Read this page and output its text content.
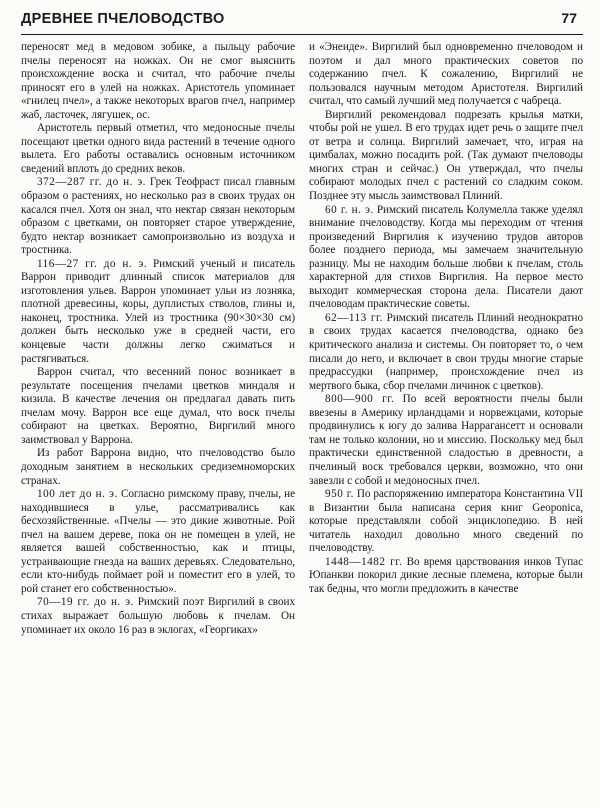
ДРЕВНЕЕ ПЧЕЛОВОДСТВО	77

переносят мед в медовом зобике, а пыльцу рабочие пчелы переносят на ножках. Он не смог выяснить происхождение воска и считал, что рабочие пчелы приносят его в улей на ножках. Аристотель упоминает «гнилец пчел», а также некоторых врагов пчел, например жаб, ласточек, лягушек, ос.

Аристотель первый отметил, что медоносные пчелы посещают цветки одного вида растений в течение одного вылета. Его работы оставались основным источником сведений вплоть до средних веков.

372—287 гг. до н. э. Грек Теофраст писал главным образом о растениях, но несколько раз в своих трудах он касался пчел. Хотя он знал, что нектар связан некоторым образом с цветками, он повторяет старое утверждение, будто нектар возникает самопроизвольно из воздуха и тростника.

116—27 гг. до н. э. Римский ученый и писатель Варрон приводит длинный список материалов для изготовления ульев. Варрон упоминает ульи из лозняка, плотной древесины, коры, дуплистых стволов, глины и, наконец, тростника. Улей из тростника (90×30×30 см) должен быть несколько уже в средней части, его концевые части должны легко сжиматься и растягиваться.

Варрон считал, что весенний понос возникает в результате посещения пчелами цветков миндаля и кизила. В качестве лечения он предлагал давать пить пчелам мочу. Варрон все еще думал, что воск пчелы собирают на цветках. Вероятно, Виргилий много заимствовал у Варрона.

Из работ Варрона видно, что пчеловодство было доходным занятием в нескольких средиземноморских странах.

100 лет до н. э. Согласно римскому праву, пчелы, не находившиеся в улье, рассматривались как бесхозяйственные. «Пчелы — это дикие животные. Рой пчел на вашем дереве, пока он не помещен в улей, не является вашей собственностью, как и птицы, устраивающие гнезда на ваших деревьях. Следовательно, если кто-нибудь поймает рой и поместит его в улей, то рой станет его собственностью».

70—19 гг. до н. э. Римский поэт Виргилий в своих стихах выражает большую любовь к пчелам. Он упоминает их около 16 раз в эклогах, «Георгиках»

и «Энеиде». Виргилий был одновременно пчеловодом и поэтом и дал много практических советов по содержанию пчел. К сожалению, Виргилий не пользовался научным методом Аристотеля. Виргилий считал, что самый лучший мед получается с чабреца.

Виргилий рекомендовал подрезать крылья матки, чтобы рой не ушел. В его трудах идет речь о защите пчел от ветра и солнца. Виргилий замечает, что, играя на цимбалах, можно посадить рой. (Так думают пчеловоды многих стран и сейчас.) Он утверждал, что пчелы собирают молодых пчел с растений со сладким соком. Позднее эту мысль заимствовал Плиний.

60 г. н. э. Римский писатель Колумелла также уделял внимание пчеловодству. Когда мы переходим от чтения произведений Виргилия к изучению трудов авторов более позднего периода, мы замечаем значительную разницу. Мы не находим больше любви к пчелам, столь характерной для стихов Виргилия. На первое место выходит коммерческая сторона дела. Писатели дают пчеловодам практические советы.

62—113 гг. Римский писатель Плиний неоднократно в своих трудах касается пчеловодства, однако без критического анализа и системы. Он повторяет то, о чем писали до него, и включает в свои труды многие старые предрассудки (например, происхождение пчел из мертвого быка, сбор пчелами личинок с цветков).

800—900 гг. По всей вероятности пчелы были ввезены в Америку ирландцами и норвежцами, которые продвинулись к югу до залива Наррагансетт и основали там не только колонии, но и миссию. Поскольку мед был практически единственной сладостью в древности, а пчелиный воск требовался церкви, возможно, что они завезли с собой и медоносных пчел.

950 г. По распоряжению императора Константина VII в Византии была написана серия книг Geoponica, которые представляли собой энциклопедию. В ней читатель находил довольно много сведений по пчеловодству.

1448—1482 гг. Во время царствования инков Тупас Юпанкви покорил дикие лесные племена, которые были так бедны, что могли предложить в качестве
